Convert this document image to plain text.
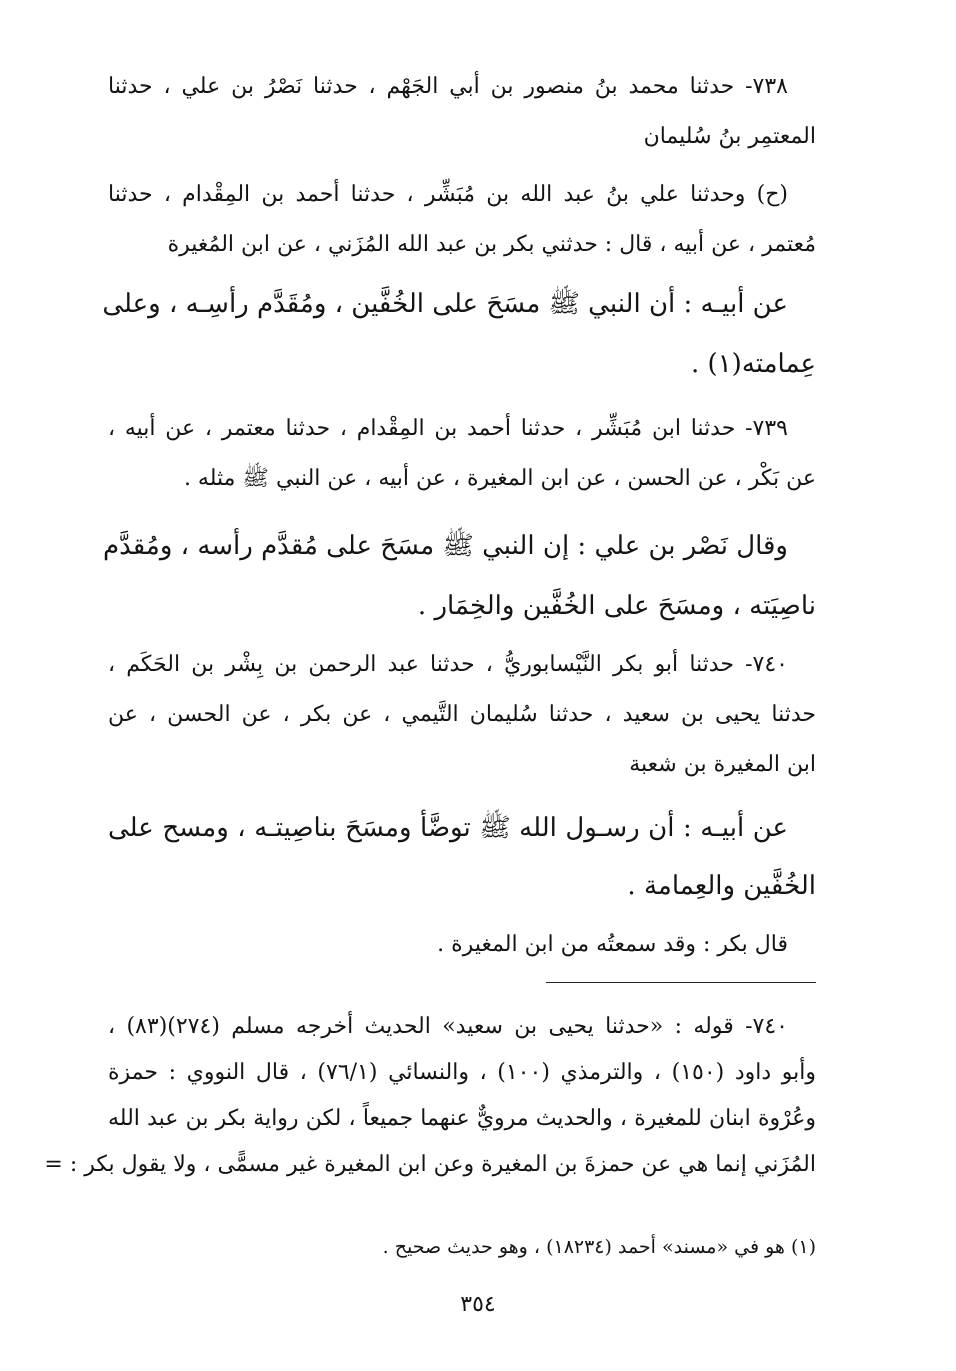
٧٣٨- حدثنا محمد بنُ منصور بن أبي الجَهْم ، حدثنا نَصْرُ بن علي ، حدثنا
المعتمِر بنُ سُليمان
(ح) وحدثنا علي بنُ عبد الله بن مُبَشِّر ، حدثنا أحمد بن المِقْدام ، حدثنا
مُعتمر ، عن أبيه ، قال : حدثني بكر بن عبد الله المُزَني ، عن ابن المُغيرة
عن أبيـه : أن النبي ﷺ مسَحَ على الخُفَّين ، ومُقَدَّم رأسِـه ، وعلى
عِمامته(١) .
٧٣٩- حدثنا ابن مُبَشِّر ، حدثنا أحمد بن المِقْدام ، حدثنا معتمر ، عن أبيه ،
عن بَكْر ، عن الحسن ، عن ابن المغيرة ، عن أبيه ، عن النبي ﷺ مثله .
وقال نَصْر بن علي : إن النبي ﷺ مسَحَ على مُقدَّم رأسه ، ومُقدَّم
ناصِيَته ، ومسَحَ على الخُفَّين والخِمَار .
٧٤٠- حدثنا أبو بكر النَّيْسابوريُّ ، حدثنا عبد الرحمن بن بِشْر بن الحَكَم ،
حدثنا يحيى بن سعيد ، حدثنا سُليمان التَّيمي ، عن بكر ، عن الحسن ، عن
ابن المغيرة بن شعبة
عن أبيـه : أن رسـول الله ﷺ توضَّأ ومسَحَ بناصِيتـه ، ومسح على
الخُفَّين والعِمامة .
قال بكر : وقد سمعتُه من ابن المغيرة .
٧٤٠- قوله : «حدثنا يحيى بن سعيد» الحديث أخرجه مسلم (٢٧٤)(٨٣) ،
وأبو داود (١٥٠) ، والترمذي (١٠٠) ، والنسائي (٧٦/١) ، قال النووي : حمزة
وعُرْوة ابنان للمغيرة ، والحديث مرويٌّ عنهما جميعاً ، لكن رواية بكر بن عبد الله
المُزَني إنما هي عن حمزةَ بن المغيرة وعن ابن المغيرة غير مسمًّى ، ولا يقول بكر : =
(١) هو في «مسند» أحمد (١٨٢٣٤) ، وهو حديث صحيح .
٣٥٤
